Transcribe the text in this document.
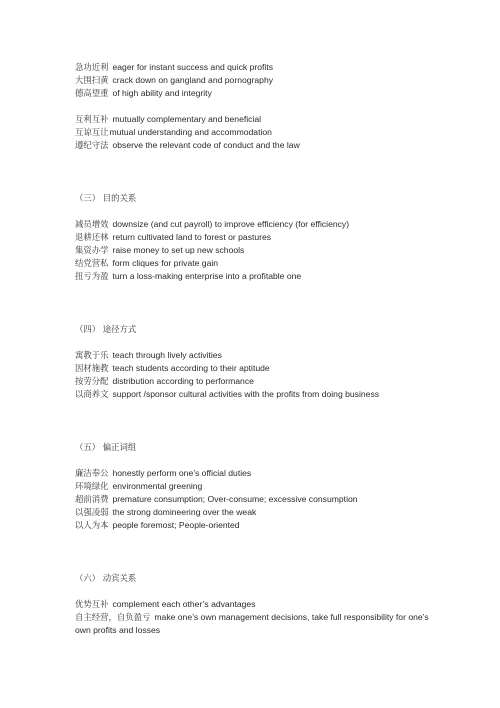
急功近利 eager for instant success and quick profits
大围扫黄 crack down on gangland and pornography
德高望重 of high ability and integrity
互利互补 mutually complementary and beneficial
互谅互让mutual understanding and accommodation
遵纪守法 observe the relevant code of conduct and the law
（三） 目的关系
减员增效 downsize (and cut payroll) to improve efficiency (for efficiency)
退耕还林 return cultivated land to forest or pastures
集资办学 raise money to set up new schools
结党营私 form cliques for private gain
扭亏为盈 turn a loss-making enterprise into a profitable one
（四） 途径方式
寓教于乐 teach through lively activities
因材施教 teach students according to their aptitude
按劳分配 distribution according to performance
以商养文 support /sponsor cultural activities with the profits from doing business
（五） 偏正词组
廉洁奉公 honestly perform one’s official duties
环境绿化 environmental greening
超前消费 premature consumption; Over-consume; excessive consumption
以强凌弱 the strong domineering over the weak
以人为本 people foremost; People-oriented
（六） 动宾关系
优势互补 complement each other’s advantages
自主经营，自负盈亏 make one’s own management decisions, take full responsibility for one’s own profits and losses
